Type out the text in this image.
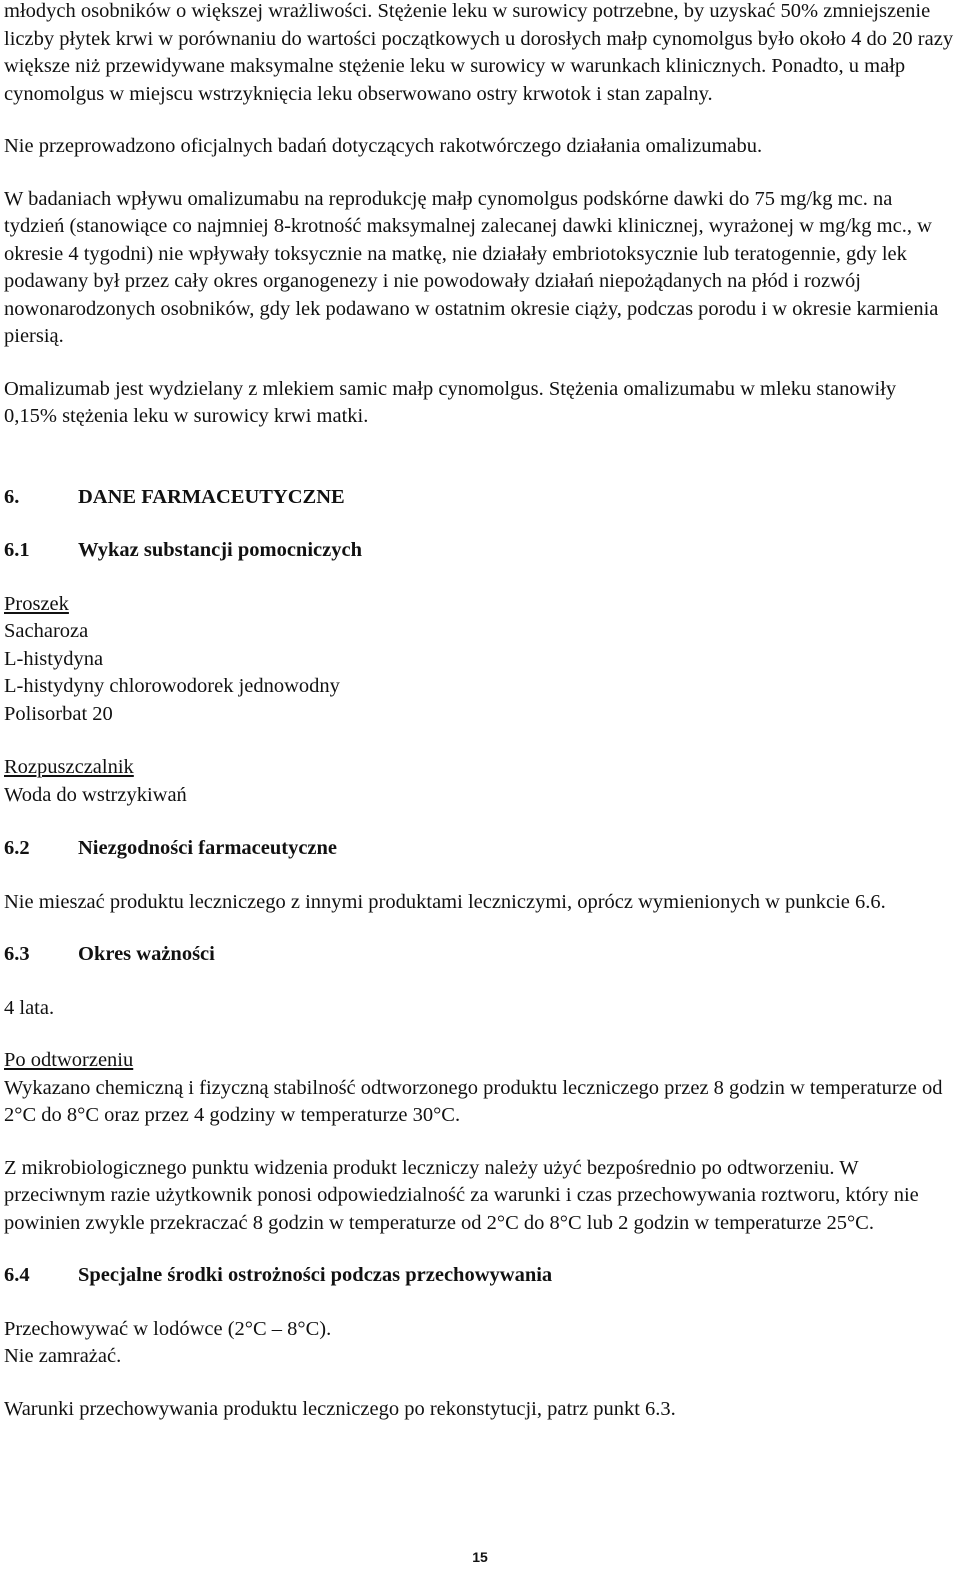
młodych osobników o większej wrażliwości. Stężenie leku w surowicy potrzebne, by uzyskać 50% zmniejszenie liczby płytek krwi w porównaniu do wartości początkowych u dorosłych małp cynomolgus było około 4 do 20 razy większe niż przewidywane maksymalne stężenie leku w surowicy w warunkach klinicznych. Ponadto, u małp cynomolgus w miejscu wstrzyknięcia leku obserwowano ostry krwotok i stan zapalny.

Nie przeprowadzono oficjalnych badań dotyczących rakotwórczego działania omalizumabu.

W badaniach wpływu omalizumabu na reprodukcję małp cynomolgus podskórne dawki do 75 mg/kg mc. na tydzień (stanowiące co najmniej 8-krotność maksymalnej zalecanej dawki klinicznej, wyrażonej w mg/kg mc., w okresie 4 tygodni) nie wpływały toksycznie na matkę, nie działały embriotoksycznie lub teratogennie, gdy lek podawany był przez cały okres organogenezy i nie powodowały działań niepożądanych na płód i rozwój nowonarodzonych osobników, gdy lek podawano w ostatnim okresie ciąży, podczas porodu i w okresie karmienia piersią.

Omalizumab jest wydzielany z mlekiem samic małp cynomolgus. Stężenia omalizumabu w mleku stanowiły 0,15% stężenia leku w surowicy krwi matki.

6.	DANE FARMACEUTYCZNE

6.1 Wykaz substancji pomocniczych

Proszek
Sacharoza
L-histydyna
L-histydyny chlorowodorek jednowodny
Polisorbat 20
Rozpuszczalnik
Woda do wstrzykiwań

6.2 Niezgodności farmaceutyczne

Nie mieszać produktu leczniczego z innymi produktami leczniczymi, oprócz wymienionych w punkcie 6.6.

6.3 Okres ważności

4 lata.

Po odtworzeniu

Wykazano chemiczną i fizyczną stabilność odtworzonego produktu leczniczego przez 8 godzin w temperaturze od 2°C do 8°C oraz przez 4 godziny w temperaturze 30°C.

Z mikrobiologicznego punktu widzenia produkt leczniczy należy użyć bezpośrednio po odtworzeniu. W przeciwnym razie użytkownik ponosi odpowiedzialność za warunki i czas przechowywania roztworu, który nie powinien zwykle przekraczać 8 godzin w temperaturze od 2°C do 8°C lub 2 godzin w temperaturze 25°C.

6.4 Specjalne środki ostrożności podczas przechowywania

Przechowywać w lodówce (2°C – 8°C).
Nie zamrażać.

Warunki przechowywania produktu leczniczego po rekonstytucji, patrz punkt 6.3.

15
